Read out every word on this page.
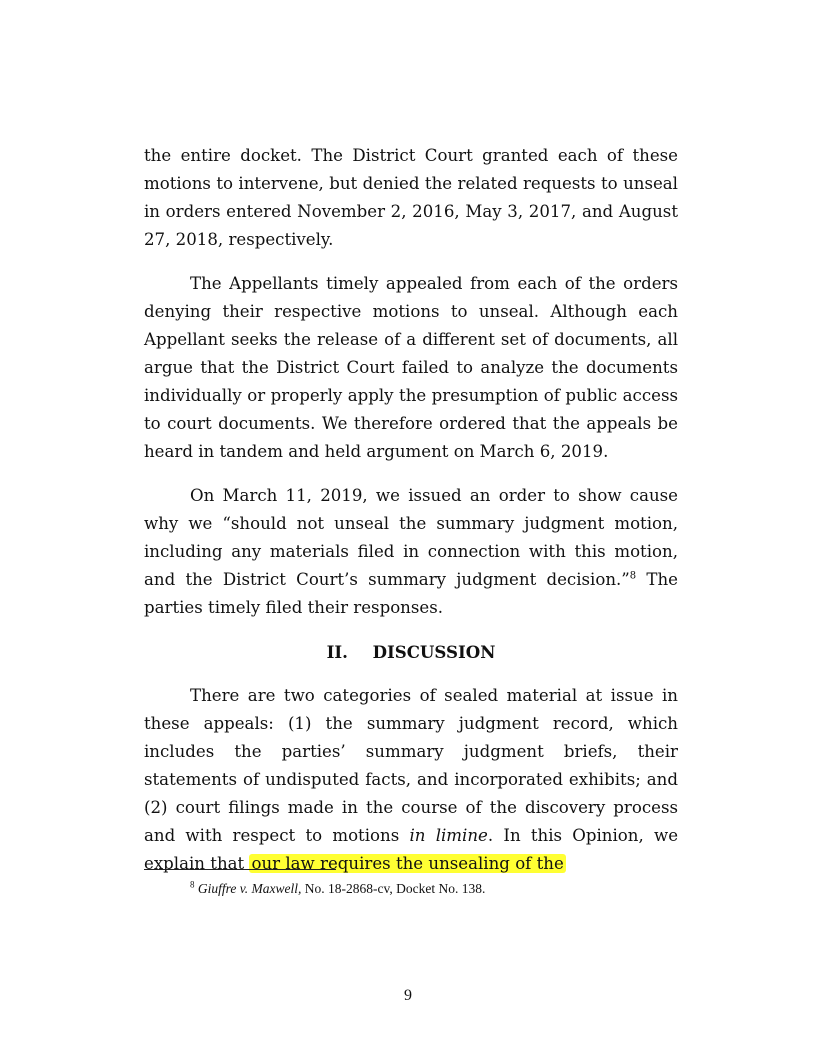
the entire docket. The District Court granted each of these motions to intervene, but denied the related requests to unseal in orders entered November 2, 2016, May 3, 2017, and August 27, 2018, respectively.

The Appellants timely appealed from each of the orders denying their respective motions to unseal. Although each Appellant seeks the release of a different set of documents, all argue that the District Court failed to analyze the documents individually or properly apply the presumption of public access to court documents. We therefore ordered that the appeals be heard in tandem and held argument on March 6, 2019.

On March 11, 2019, we issued an order to show cause why we “should not unseal the summary judgment motion, including any materials filed in connection with this motion, and the District Court’s summary judgment decision.”$^8$ The parties timely filed their responses.

II. DISCUSSION

There are two categories of sealed material at issue in these appeals: (1) the summary judgment record, which includes the parties’ summary judgment briefs, their statements of undisputed facts, and incorporated exhibits; and (2) court filings made in the course of the discovery process and with respect to motions in limine. In this Opinion, we explain that our law requires the unsealing of the

$^8$ Giuffre v. Maxwell, No. 18-2868-cv, Docket No. 138.
9
